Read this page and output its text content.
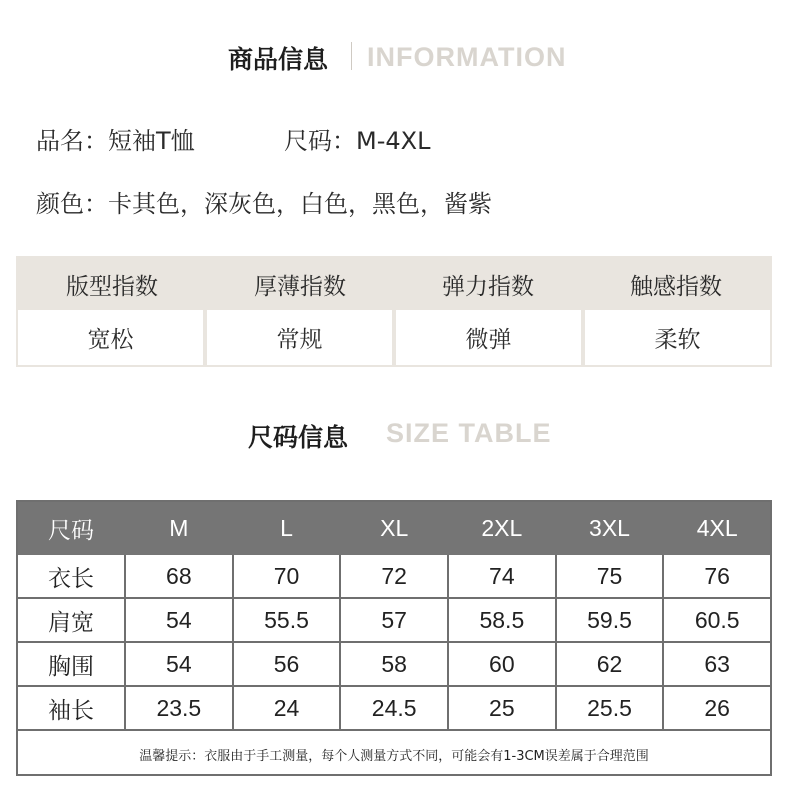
商品信息 INFORMATION
品名：短袖T恤	尺码：M-4XL
颜色：卡其色，深灰色，白色，黑色，酱紫
版型指数	厚薄指数	弹力指数	触感指数
宽松	常规	微弹	柔软
尺码信息 SIZE TABLE
尺码	M	L	XL	2XL	3XL	4XL
衣长	68	70	72	74	75	76
肩宽	54	55.5	57	58.5	59.5	60.5
胸围	54	56	58	60	62	63
袖长	23.5	24	24.5	25	25.5	26
温馨提示：衣服由于手工测量，每个人测量方式不同，可能会有1-3CM误差属于合理范围
